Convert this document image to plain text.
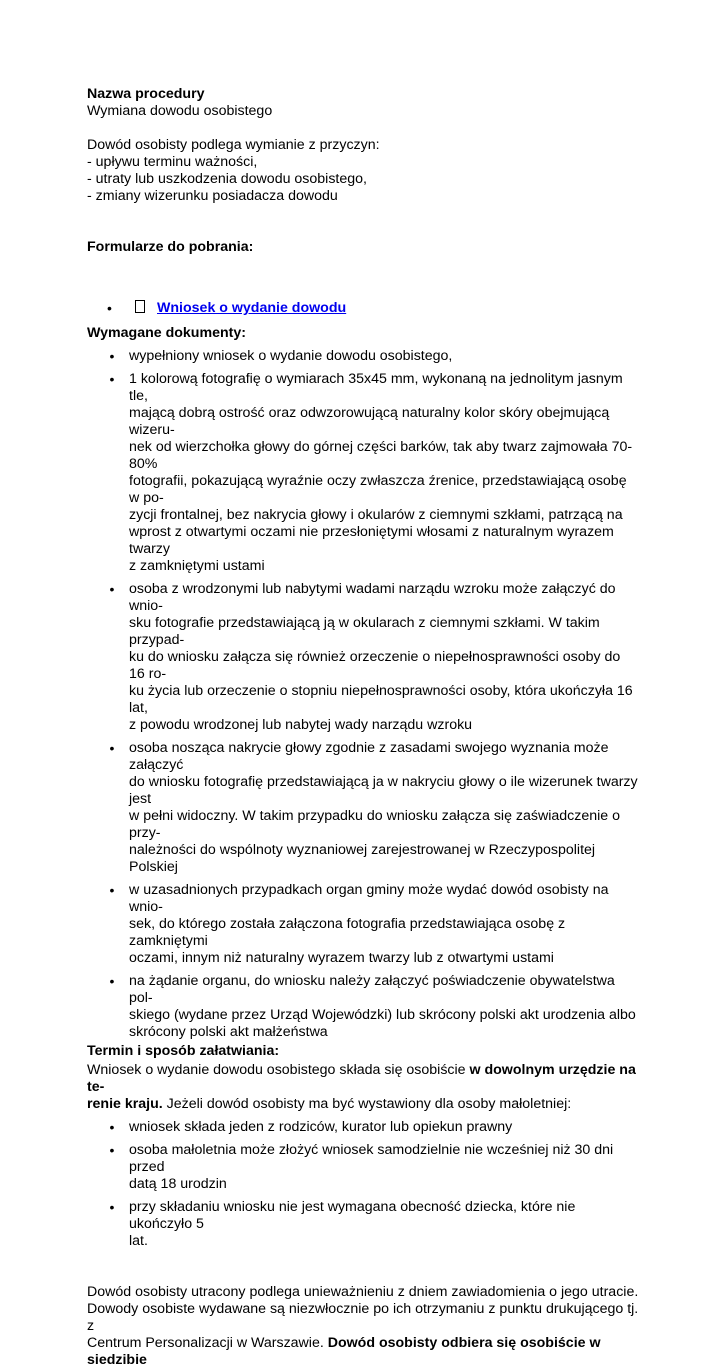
Nazwa procedury

Wymiana dowodu osobistego

Dowód osobisty podlega wymianie z przyczyn:

- upływu terminu ważności,

- utraty lub uszkodzenia dowodu osobistego,

- zmiany wizerunku posiadacza dowodu

Formularze do pobrania:

•	Wniosek o wydanie dowodu

Wymagane dokumenty:

• wypełniony wniosek o wydanie dowodu osobistego,
• 1 kolorową fotografię o wymiarach 35x45 mm, wykonaną na jednolitym jasnym tle,
mającą dobrą ostrość oraz odwzorowującą naturalny kolor skóry obejmującą wizeru-
nek od wierzchołka głowy do górnej części barków, tak aby twarz zajmowała 70-80%
fotografii, pokazującą wyraźnie oczy zwłaszcza źrenice, przedstawiającą osobę w po-
zycji frontalnej, bez nakrycia głowy i okularów z ciemnymi szkłami, patrzącą na
wprost z otwartymi oczami nie przesłoniętymi włosami z naturalnym wyrazem twarzy
z zamkniętymi ustami
• osoba z wrodzonymi lub nabytymi wadami narządu wzroku może załączyć do wnio-
sku fotografie przedstawiającą ją w okularach z ciemnymi szkłami. W takim przypad-
ku do wniosku załącza się również orzeczenie o niepełnosprawności osoby do 16 ro-
ku życia lub orzeczenie o stopniu niepełnosprawności osoby, która ukończyła 16 lat,
z powodu wrodzonej lub nabytej wady narządu wzroku
• osoba nosząca nakrycie głowy zgodnie z zasadami swojego wyznania może załączyć
do wniosku fotografię przedstawiającą ja w nakryciu głowy o ile wizerunek twarzy jest
w pełni widoczny. W takim przypadku do wniosku załącza się zaświadczenie o przy-
należności do wspólnoty wyznaniowej zarejestrowanej w Rzeczypospolitej Polskiej
• w uzasadnionych przypadkach organ gminy może wydać dowód osobisty na wnio-
sek, do którego została załączona fotografia przedstawiająca osobę z zamkniętymi
oczami, innym niż naturalny wyrazem twarzy lub z otwartymi ustami
• na żądanie organu, do wniosku należy załączyć poświadczenie obywatelstwa pol-
skiego (wydane przez Urząd Wojewódzki) lub skrócony polski akt urodzenia albo
skrócony polski akt małżeństwa

Termin i sposób załatwiania:

Wniosek o wydanie dowodu osobistego składa się osobiście w dowolnym urzędzie na te-
renie kraju. Jeżeli dowód osobisty ma być wystawiony dla osoby małoletniej:

• wniosek składa jeden z rodziców, kurator lub opiekun prawny
• osoba małoletnia może złożyć wniosek samodzielnie nie wcześniej niż 30 dni przed
datą 18 urodzin
• przy składaniu wniosku nie jest wymagana obecność dziecka, które nie ukończyło 5
lat.

Dowód osobisty utracony podlega unieważnieniu z dniem zawiadomienia o jego utracie.

Dowody osobiste wydawane są niezwłocznie po ich otrzymaniu z punktu drukującego tj. z

Centrum Personalizacji w Warszawie. Dowód osobisty odbiera się osobiście w siedzibie
